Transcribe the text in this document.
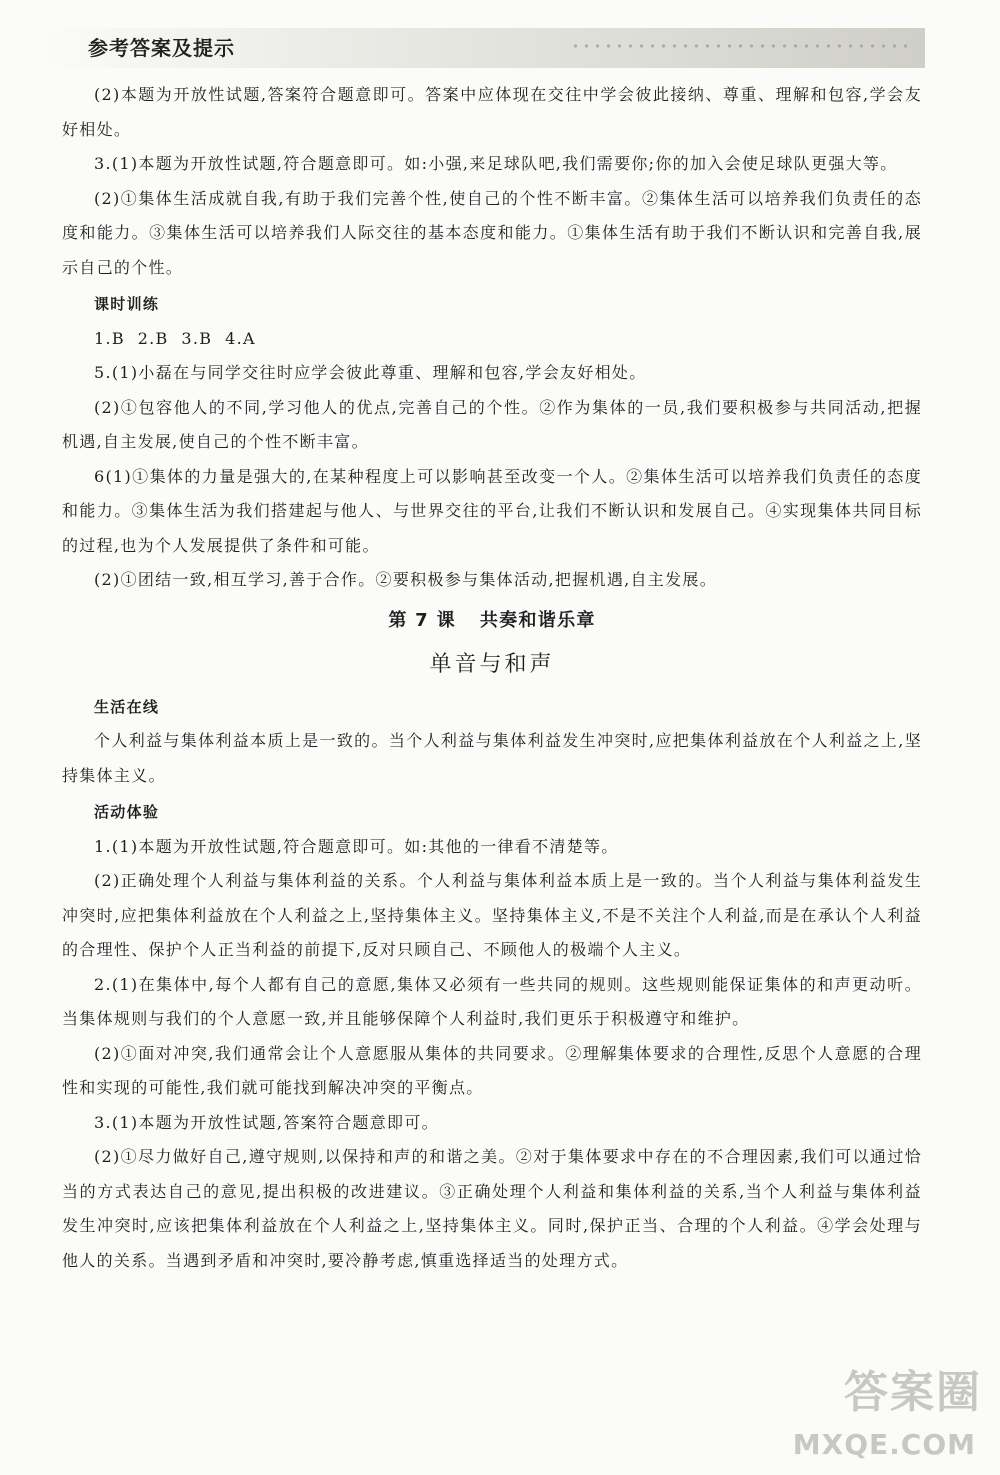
参考答案及提示

(2)本题为开放性试题,答案符合题意即可。答案中应体现在交往中学会彼此接纳、尊重、理解和包容,学会友好相处。

3.(1)本题为开放性试题,符合题意即可。如:小强,来足球队吧,我们需要你;你的加入会使足球队更强大等。

(2)①集体生活成就自我,有助于我们完善个性,使自己的个性不断丰富。②集体生活可以培养我们负责任的态度和能力。③集体生活可以培养我们人际交往的基本态度和能力。①集体生活有助于我们不断认识和完善自我,展示自己的个性。

课时训练

1.B  2.B  3.B  4.A

5.(1)小磊在与同学交往时应学会彼此尊重、理解和包容,学会友好相处。

(2)①包容他人的不同,学习他人的优点,完善自己的个性。②作为集体的一员,我们要积极参与共同活动,把握机遇,自主发展,使自己的个性不断丰富。

6(1)①集体的力量是强大的,在某种程度上可以影响甚至改变一个人。②集体生活可以培养我们负责任的态度和能力。③集体生活为我们搭建起与他人、与世界交往的平台,让我们不断认识和发展自己。④实现集体共同目标的过程,也为个人发展提供了条件和可能。

(2)①团结一致,相互学习,善于合作。②要积极参与集体活动,把握机遇,自主发展。

第 7 课 共奏和谐乐章
单音与和声
生活在线

个人利益与集体利益本质上是一致的。当个人利益与集体利益发生冲突时,应把集体利益放在个人利益之上,坚持集体主义。

活动体验

1.(1)本题为开放性试题,符合题意即可。如:其他的一律看不清楚等。

(2)正确处理个人利益与集体利益的关系。个人利益与集体利益本质上是一致的。当个人利益与集体利益发生冲突时,应把集体利益放在个人利益之上,坚持集体主义。坚持集体主义,不是不关注个人利益,而是在承认个人利益的合理性、保护个人正当利益的前提下,反对只顾自己、不顾他人的极端个人主义。

2.(1)在集体中,每个人都有自己的意愿,集体又必须有一些共同的规则。这些规则能保证集体的和声更动听。当集体规则与我们的个人意愿一致,并且能够保障个人利益时,我们更乐于积极遵守和维护。

(2)①面对冲突,我们通常会让个人意愿服从集体的共同要求。②理解集体要求的合理性,反思个人意愿的合理性和实现的可能性,我们就可能找到解决冲突的平衡点。

3.(1)本题为开放性试题,答案符合题意即可。

(2)①尽力做好自己,遵守规则,以保持和声的和谐之美。②对于集体要求中存在的不合理因素,我们可以通过恰当的方式表达自己的意见,提出积极的改进建议。③正确处理个人利益和集体利益的关系,当个人利益与集体利益发生冲突时,应该把集体利益放在个人利益之上,坚持集体主义。同时,保护正当、合理的个人利益。④学会处理与他人的关系。当遇到矛盾和冲突时,要冷静考虑,慎重选择适当的处理方式。

答案圈
MXQE.COM
